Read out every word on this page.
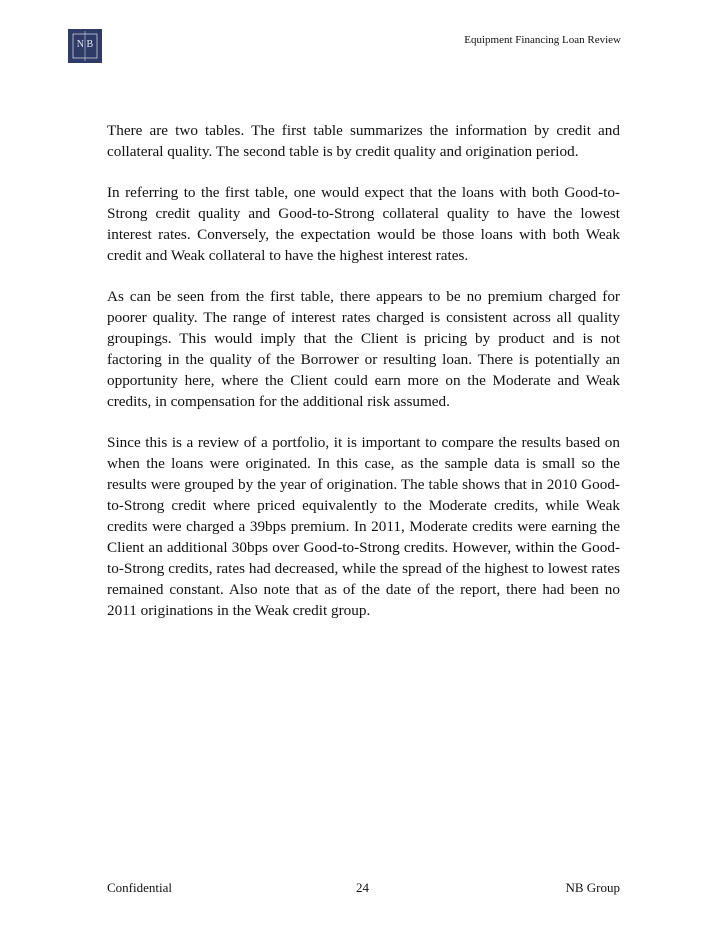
N B	Equipment Financing Loan Review

There are two tables. The first table summarizes the information by credit and collateral quality. The second table is by credit quality and origination period.

In referring to the first table, one would expect that the loans with both Good-to-Strong credit quality and Good-to-Strong collateral quality to have the lowest interest rates. Conversely, the expectation would be those loans with both Weak credit and Weak collateral to have the highest interest rates.

As can be seen from the first table, there appears to be no premium charged for poorer quality. The range of interest rates charged is consistent across all quality groupings. This would imply that the Client is pricing by product and is not factoring in the quality of the Borrower or resulting loan. There is potentially an opportunity here, where the Client could earn more on the Moderate and Weak credits, in compensation for the additional risk assumed.

Since this is a review of a portfolio, it is important to compare the results based on when the loans were originated. In this case, as the sample data is small so the results were grouped by the year of origination. The table shows that in 2010 Good-to-Strong credit where priced equivalently to the Moderate credits, while Weak credits were charged a 39bps premium. In 2011, Moderate credits were earning the Client an additional 30bps over Good-to-Strong credits. However, within the Good-to-Strong credits, rates had decreased, while the spread of the highest to lowest rates remained constant. Also note that as of the date of the report, there had been no 2011 originations in the Weak credit group.

Confidential	24	NB Group
